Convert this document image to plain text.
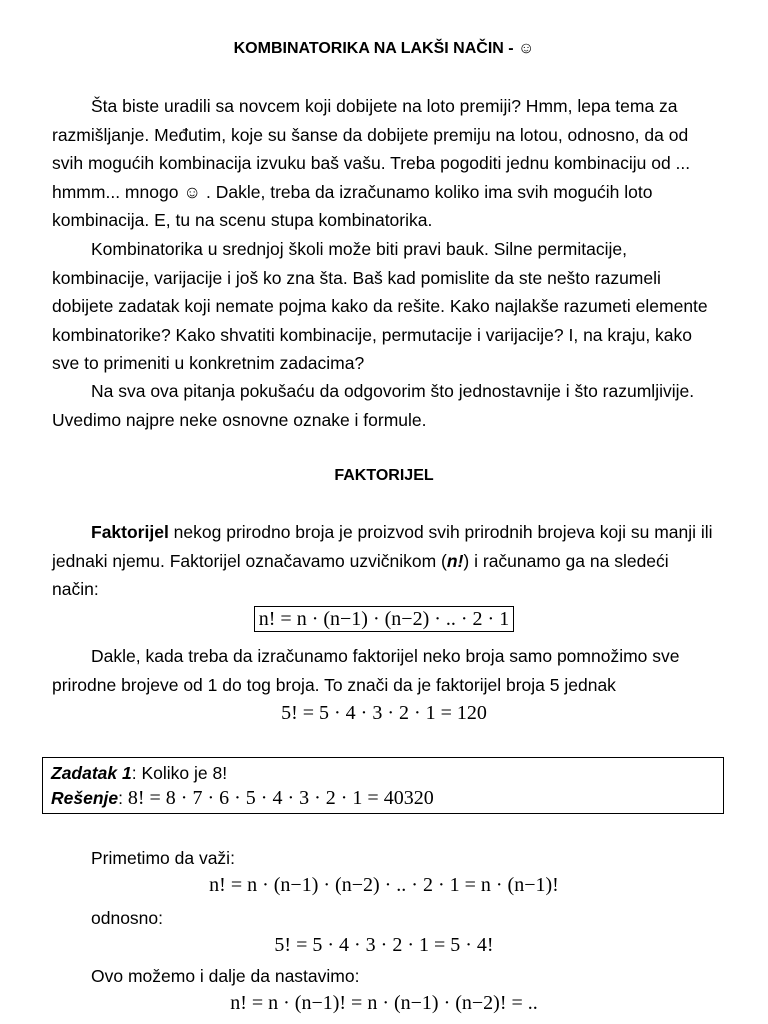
KOMBINATORIKA NA LAKŠI NAČIN - ☺

Šta biste uradili sa novcem koji dobijete na loto premiji? Hmm, lepa tema za razmišljanje. Međutim, koje su šanse da dobijete premiju na lotou, odnosno, da od svih mogućih kombinacija izvuku baš vašu. Treba pogoditi jednu kombinaciju od ... hmmm... mnogo ☺ . Dakle, treba da izračunamo koliko ima svih mogućih loto kombinacija. E, tu na scenu stupa kombinatorika.

Kombinatorika u srednjoj školi može biti pravi bauk. Silne permitacije, kombinacije, varijacije i još ko zna šta. Baš kad pomislite da ste nešto razumeli dobijete zadatak koji nemate pojma kako da rešite. Kako najlakše razumeti elemente kombinatorike? Kako shvatiti kombinacije, permutacije i varijacije? I, na kraju, kako sve to primeniti u konkretnim zadacima?

Na sva ova pitanja pokušaću da odgovorim što jednostavnije i što razumljivije. Uvedimo najpre neke osnovne oznake i formule.

FAKTORIJEL

Faktorijel nekog prirodno broja je proizvod svih prirodnih brojeva koji su manji ili jednaki njemu. Faktorijel označavamo uzvičnikom (n!) i računamo ga na sledeći način:

n! = n · (n−1) · (n−2) · .. · 2 · 1

Dakle, kada treba da izračunamo faktorijel neko broja samo pomnožimo sve prirodne brojeve od 1 do tog broja. To znači da je faktorijel broja 5 jednak

5! = 5 · 4 · 3 · 2 · 1 = 120
Zadatak 1: Koliko je 8!
Rešenje: 8! = 8 · 7 · 6 · 5 · 4 · 3 · 2 · 1 = 40320

Primetimo da važi:

n! = n · (n−1) · (n−2) · .. · 2 · 1 = n · (n−1)!

odnosno:

5! = 5 · 4 · 3 · 2 · 1 = 5 · 4!

Ovo možemo i dalje da nastavimo:

n! = n · (n−1)! = n · (n−1) · (n−2)! = ..
